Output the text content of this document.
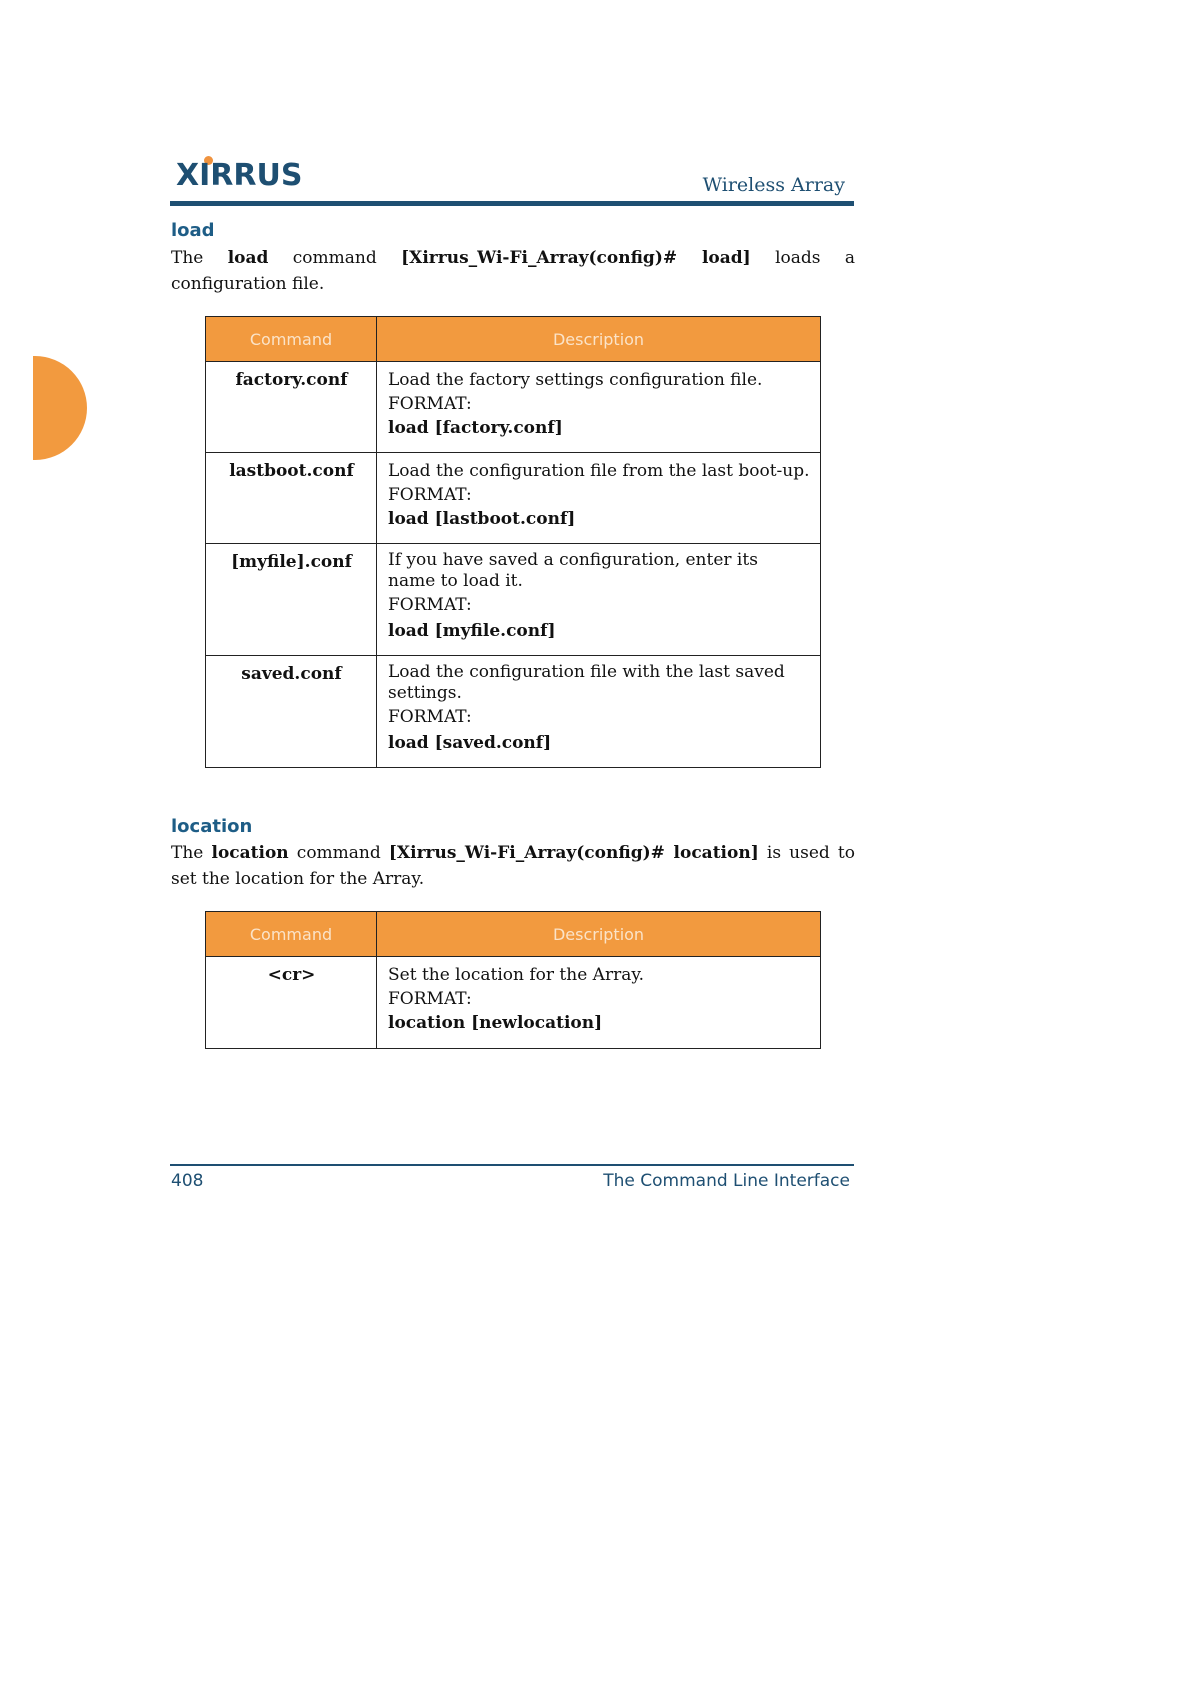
XIRRUS	Wireless Array
load
The load command [Xirrus_Wi-Fi_Array(config)# load] loads a configuration file.
Command	Description
factory.conf	Load the factory settings configuration file.
FORMAT:
load [factory.conf]

lastboot.conf	Load the configuration file from the last boot-up.
FORMAT:
load [lastboot.conf]

[myfile].conf	If you have saved a configuration, enter its name to load it.
FORMAT:
load [myfile.conf]

saved.conf	Load the configuration file with the last saved settings.
FORMAT:
load [saved.conf]
location
The location command [Xirrus_Wi-Fi_Array(config)# location] is used to set the location for the Array.
Command	Description
<cr>	Set the location for the Array.
FORMAT:
location [newlocation]
408	The Command Line Interface
